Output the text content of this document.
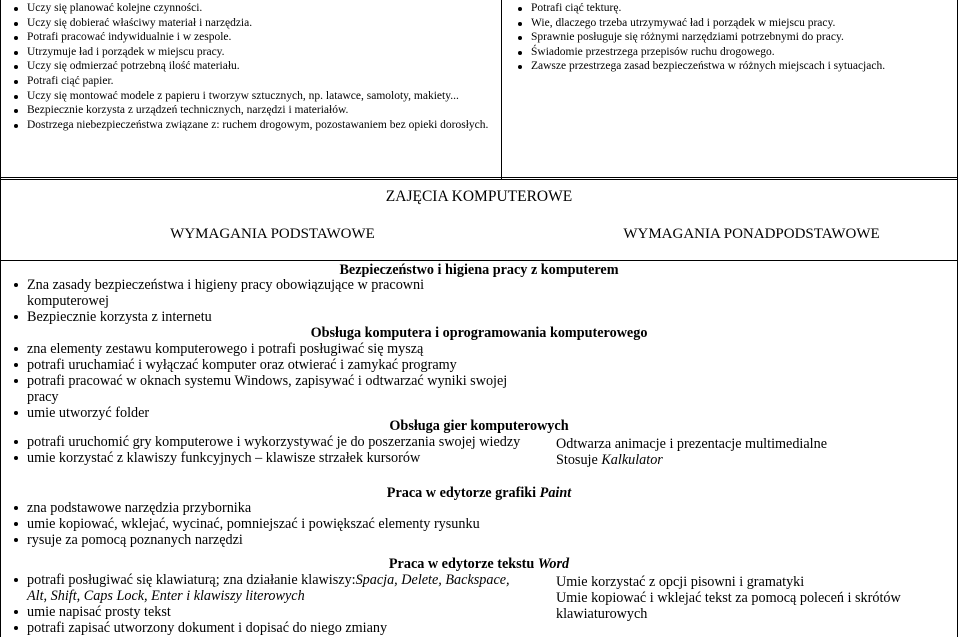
Uczy się planować kolejne czynności.
Uczy się dobierać właściwy materiał i narzędzia.
Potrafi pracować indywidualnie i w zespole.
Utrzymuje ład i porządek w miejscu pracy.
Uczy się odmierzać potrzebną ilość materiału.
Potrafi ciąć papier.
Uczy się montować modele z papieru i tworzyw sztucznych, np. latawce, samoloty, makiety...
Bezpiecznie korzysta z urządzeń technicznych, narzędzi i materiałów.
Dostrzega niebezpieczeństwa związane z: ruchem drogowym, pozostawaniem bez opieki dorosłych.
Potrafi ciąć tekturę.
Wie, dlaczego trzeba utrzymywać ład i porządek w miejscu pracy.
Sprawnie posługuje się różnymi narzędziami potrzebnymi do pracy.
Świadomie przestrzega przepisów ruchu drogowego.
Zawsze przestrzega zasad bezpieczeństwa w różnych miejscach i sytuacjach.
ZAJĘCIA KOMPUTEROWE
WYMAGANIA PODSTAWOWE	WYMAGANIA PONADPODSTAWOWE
Bezpieczeństwo i higiena pracy z komputerem
Zna zasady bezpieczeństwa i higieny pracy obowiązujące w pracowni komputerowej
Bezpiecznie korzysta z internetu
Obsługa komputera i oprogramowania komputerowego
zna elementy zestawu komputerowego i potrafi posługiwać się myszą
potrafi uruchamiać i wyłączać komputer oraz otwierać i zamykać programy
potrafi pracować w oknach systemu Windows, zapisywać i odtwarzać wyniki swojej pracy
umie utworzyć folder
Obsługa gier komputerowych
potrafi uruchomić gry komputerowe i wykorzystywać je do poszerzania swojej wiedzy
umie korzystać z klawiszy funkcyjnych – klawisze strzałek kursorów
Odtwarza animacje i prezentacje multimedialne
Stosuje Kalkulator
Praca w edytorze grafiki Paint
zna podstawowe narzędzia przybornika
umie kopiować, wklejać, wycinać, pomniejszać i powiększać elementy rysunku
rysuje za pomocą poznanych narzędzi
Praca w edytorze tekstu Word
potrafi posługiwać się klawiaturą; zna działanie klawiszy:Spacja, Delete, Backspace, Alt, Shift, Caps Lock, Enter i klawiszy literowych
umie napisać prosty tekst
potrafi zapisać utworzony dokument i dopisać do niego zmiany
Umie korzystać z opcji pisowni i gramatyki
Umie kopiować i wklejać tekst za pomocą poleceń i skrótów klawiaturowych
